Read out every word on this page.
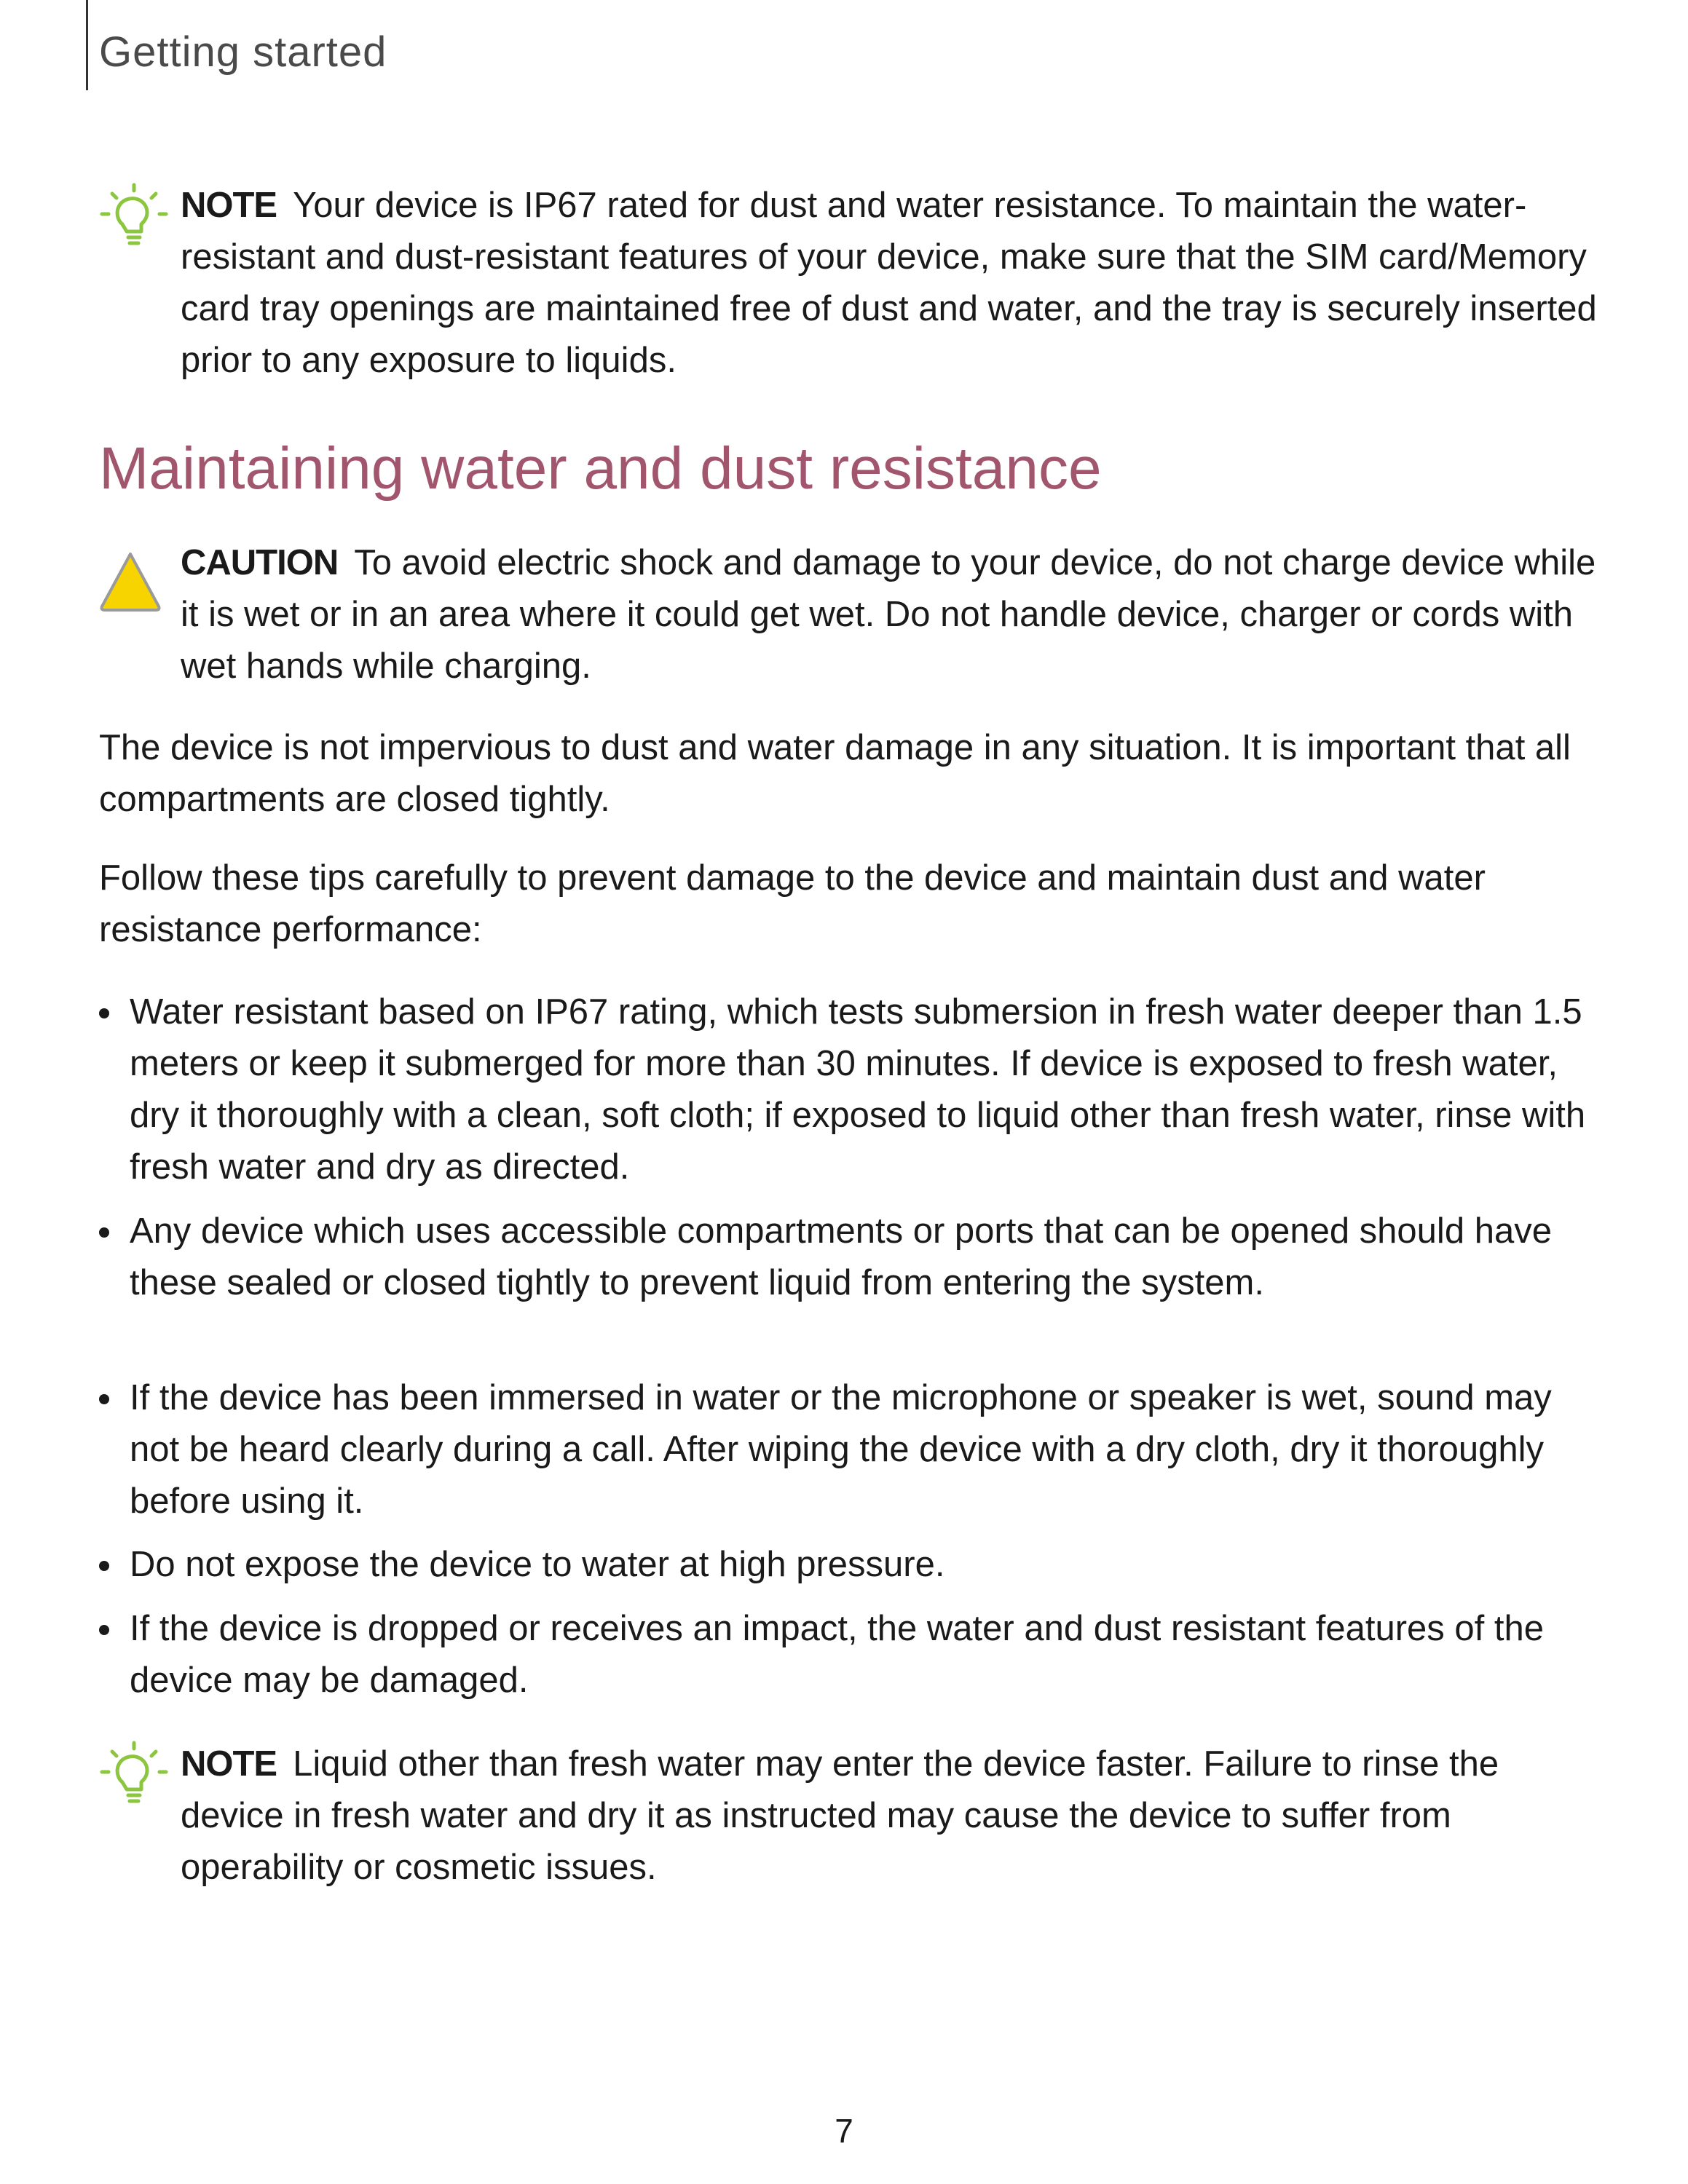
Getting started
NOTE Your device is IP67 rated for dust and water resistance. To maintain the water-resistant and dust-resistant features of your device, make sure that the SIM card/Memory card tray openings are maintained free of dust and water, and the tray is securely inserted prior to any exposure to liquids.
Maintaining water and dust resistance
CAUTION To avoid electric shock and damage to your device, do not charge device while it is wet or in an area where it could get wet. Do not handle device, charger or cords with wet hands while charging.
The device is not impervious to dust and water damage in any situation. It is important that all compartments are closed tightly.
Follow these tips carefully to prevent damage to the device and maintain dust and water resistance performance:
Water resistant based on IP67 rating, which tests submersion in fresh water deeper than 1.5 meters or keep it submerged for more than 30 minutes. If device is exposed to fresh water, dry it thoroughly with a clean, soft cloth; if exposed to liquid other than fresh water, rinse with fresh water and dry as directed.
Any device which uses accessible compartments or ports that can be opened should have these sealed or closed tightly to prevent liquid from entering the system.
If the device has been immersed in water or the microphone or speaker is wet, sound may not be heard clearly during a call. After wiping the device with a dry cloth, dry it thoroughly before using it.
Do not expose the device to water at high pressure.
If the device is dropped or receives an impact, the water and dust resistant features of the device may be damaged.
NOTE Liquid other than fresh water may enter the device faster. Failure to rinse the device in fresh water and dry it as instructed may cause the device to suffer from operability or cosmetic issues.
7
